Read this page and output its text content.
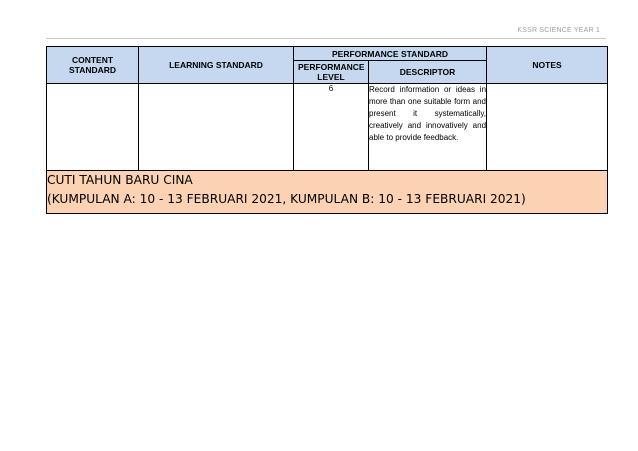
KSSR SCIENCE YEAR 1
CONTENT STANDARD	LEARNING STANDARD	PERFORMANCE STANDARD		NOTES
		PERFORMANCE LEVEL	DESCRIPTOR	
		6	Record information or ideas in more than one suitable form and present it systematically, creatively and innovatively and able to provide feedback.	

CUTI TAHUN BARU CINA
(KUMPULAN A: 10 - 13 FEBRUARI 2021, KUMPULAN B: 10 - 13 FEBRUARI 2021)				
